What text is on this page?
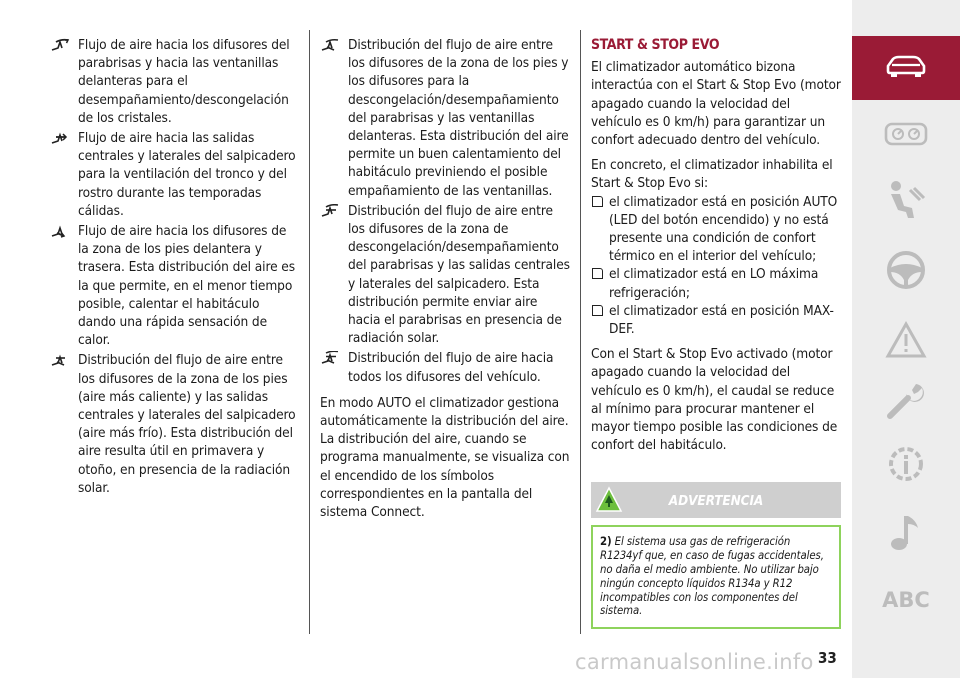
Flujo de aire hacia los difusores del parabrisas y hacia las ventanillas delanteras para el desempañamiento/descongelación de los cristales.
Flujo de aire hacia las salidas centrales y laterales del salpicadero para la ventilación del tronco y del rostro durante las temporadas cálidas.
Flujo de aire hacia los difusores de la zona de los pies delantera y trasera. Esta distribución del aire es la que permite, en el menor tiempo posible, calentar el habitáculo dando una rápida sensación de calor.
Distribución del flujo de aire entre los difusores de la zona de los pies (aire más caliente) y las salidas centrales y laterales del salpicadero (aire más frío). Esta distribución del aire resulta útil en primavera y otoño, en presencia de la radiación solar.
Distribución del flujo de aire entre los difusores de la zona de los pies y los difusores para la descongelación/desempañamiento del parabrisas y las ventanillas delanteras. Esta distribución del aire permite un buen calentamiento del habitáculo previniendo el posible empañamiento de las ventanillas.
Distribución del flujo de aire entre los difusores de la zona de descongelación/desempañamiento del parabrisas y las salidas centrales y laterales del salpicadero. Esta distribución permite enviar aire hacia el parabrisas en presencia de radiación solar.
Distribución del flujo de aire hacia todos los difusores del vehículo.

En modo AUTO el climatizador gestiona automáticamente la distribución del aire. La distribución del aire, cuando se programa manualmente, se visualiza con el encendido de los símbolos correspondientes en la pantalla del sistema Connect.

START & STOP EVO

El climatizador automático bizona interactúa con el Start & Stop Evo (motor apagado cuando la velocidad del vehículo es 0 km/h) para garantizar un confort adecuado dentro del vehículo.

En concreto, el climatizador inhabilita el Start & Stop Evo si:

el climatizador está en posición AUTO (LED del botón encendido) y no está presente una condición de confort térmico en el interior del vehículo;
el climatizador está en LO máxima refrigeración;
el climatizador está en posición MAX-DEF.

Con el Start & Stop Evo activado (motor apagado cuando la velocidad del vehículo es 0 km/h), el caudal se reduce al mínimo para procurar mantener el mayor tiempo posible las condiciones de confort del habitáculo.

ADVERTENCIA
2) El sistema usa gas de refrigeración R1234yf que, en caso de fugas accidentales, no daña el medio ambiente. No utilizar bajo ningún concepto líquidos R134a y R12 incompatibles con los componentes del sistema.	ABC
carmanualsonline.info 33
